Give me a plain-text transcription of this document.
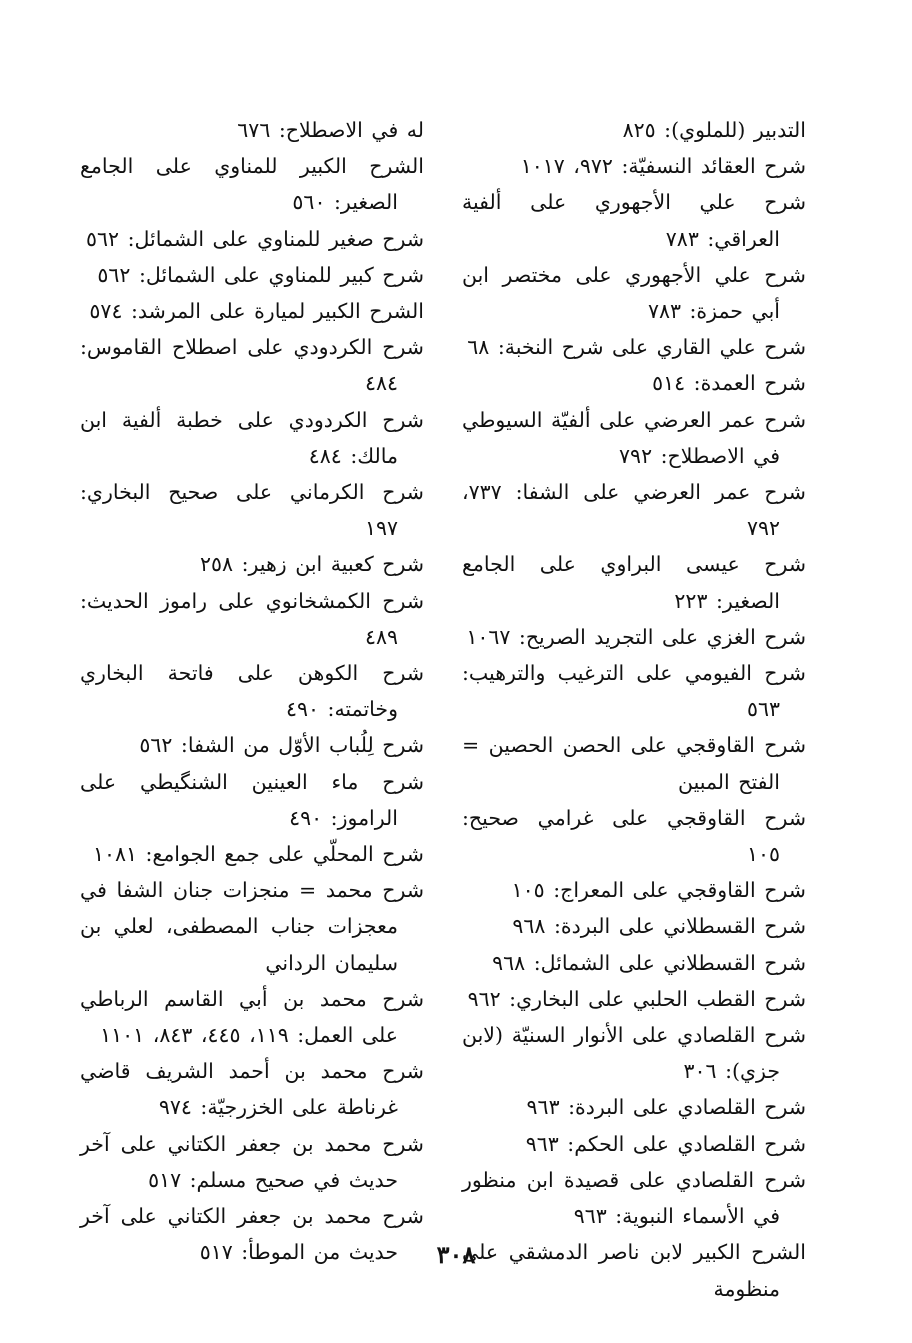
التدبير (للملوي): ٨٢٥

شرح العقائد النسفيّة: ٩٧٢، ١٠١٧

شرح علي الأجهوري على ألفية العراقي: ٧٨٣

شرح علي الأجهوري على مختصر ابن أبي حمزة: ٧٨٣

شرح علي القاري على شرح النخبة: ٦٨

شرح العمدة: ٥١٤

شرح عمر العرضي على ألفيّة السيوطي في الاصطلاح: ٧٩٢

شرح عمر العرضي على الشفا: ٧٣٧، ٧٩٢

شرح عيسى البراوي على الجامع الصغير: ٢٢٣

شرح الغزي على التجريد الصريح: ١٠٦٧

شرح الفيومي على الترغيب والترهيب: ٥٦٣

شرح القاوقجي على الحصن الحصين = الفتح المبين

شرح القاوقجي على غرامي صحيح: ١٠٥

شرح القاوقجي على المعراج: ١٠٥

شرح القسطلاني على البردة: ٩٦٨

شرح القسطلاني على الشمائل: ٩٦٨

شرح القطب الحلبي على البخاري: ٩٦٢

شرح القلصادي على الأنوار السنيّة (لابن جزي): ٣٠٦

شرح القلصادي على البردة: ٩٦٣

شرح القلصادي على الحكم: ٩٦٣

شرح القلصادي على قصيدة ابن منظور في الأسماء النبوية: ٩٦٣

الشرح الكبير لابن ناصر الدمشقي على منظومة

له في الاصطلاح: ٦٧٦

الشرح الكبير للمناوي على الجامع الصغير: ٥٦٠

شرح صغير للمناوي على الشمائل: ٥٦٢

شرح كبير للمناوي على الشمائل: ٥٦٢

الشرح الكبير لميارة على المرشد: ٥٧٤

شرح الكردودي على اصطلاح القاموس: ٤٨٤

شرح الكردودي على خطبة ألفية ابن مالك: ٤٨٤

شرح الكرماني على صحيح البخاري: ١٩٧

شرح كعبية ابن زهير: ٢٥٨

شرح الكمشخانوي على راموز الحديث: ٤٨٩

شرح الكوهن على فاتحة البخاري وخاتمته: ٤٩٠

شرح لِلُباب الأوّل من الشفا: ٥٦٢

شرح ماء العينين الشنگيطي على الراموز: ٤٩٠

شرح المحلّي على جمع الجوامع: ١٠٨١

شرح محمد = منجزات جنان الشفا في معجزات جناب المصطفى، لعلي بن سليمان الرداني

شرح محمد بن أبي القاسم الرباطي على العمل: ١١٩، ٤٤٥، ٨٤٣، ١١٠١

شرح محمد بن أحمد الشريف قاضي غرناطة على الخزرجيّة: ٩٧٤

شرح محمد بن جعفر الكتاني على آخر حديث في صحيح مسلم: ٥١٧

شرح محمد بن جعفر الكتاني على آخر حديث من الموطأ: ٥١٧	٣٠٨
